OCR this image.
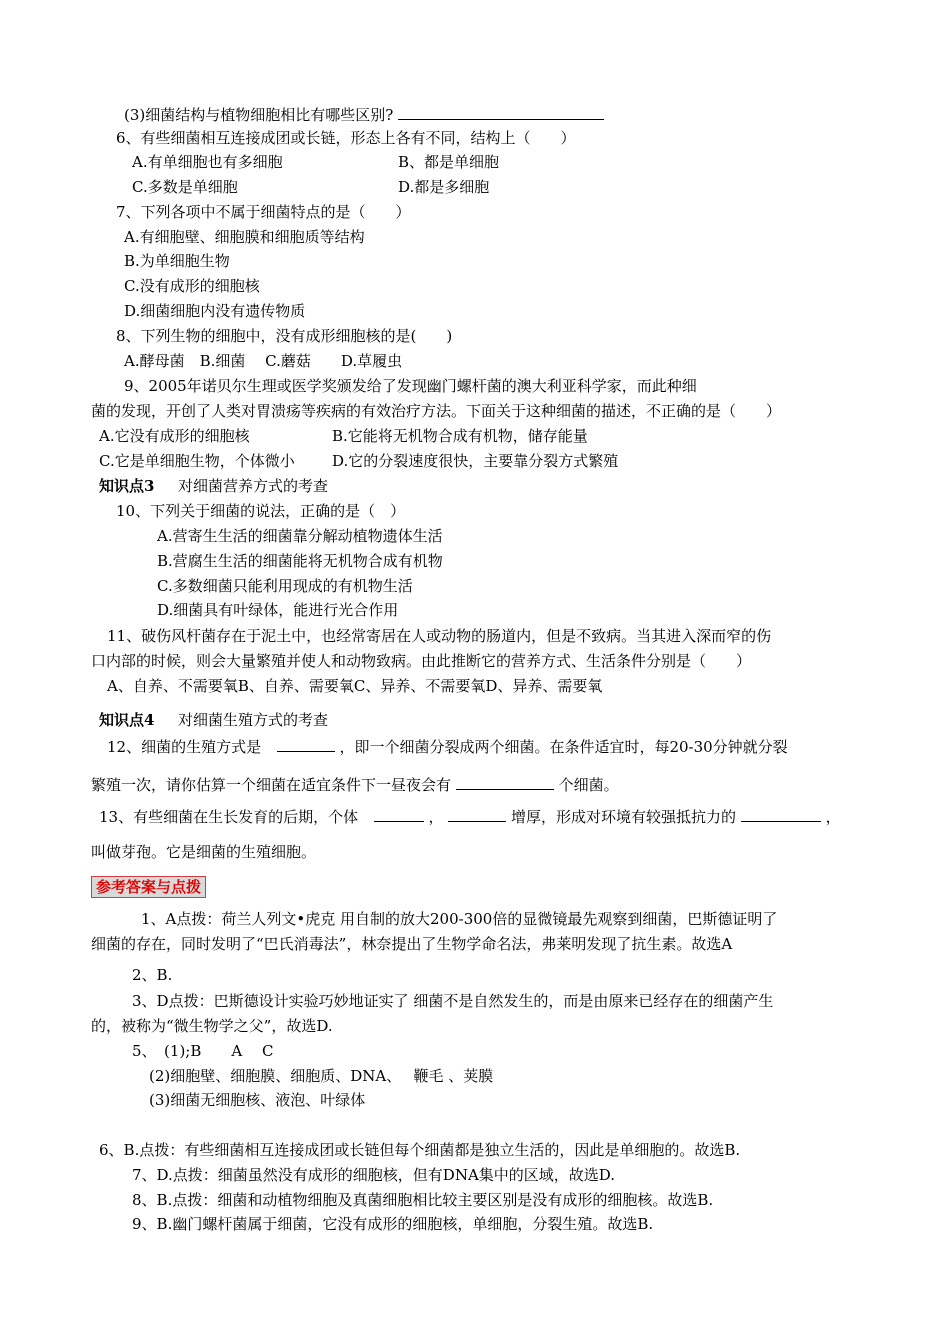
(3)细菌结构与植物细胞相比有哪些区别?
6、有些细菌相互连接成团或长链，形态上各有不同，结构上（　　）
A.有单细胞也有多细胞	B、都是单细胞
C.多数是单细胞	D.都是多细胞
7、下列各项中不属于细菌特点的是（　　）
A.有细胞壁、细胞膜和细胞质等结构
B.为单细胞生物
C.没有成形的细胞核
D.细菌细胞内没有遗传物质
8、下列生物的细胞中，没有成形细胞核的是(　　)
A.酵母菌　B.细菌　 C.蘑菇　　D.草履虫
9、2005年诺贝尔生理或医学奖颁发给了发现幽门螺杆菌的澳大利亚科学家，而此种细
菌的发现，开创了人类对胃溃疡等疾病的有效治疗方法。下面关于这种细菌的描述，不正确的是（　　）
A.它没有成形的细胞核	B.它能将无机物合成有机物，储存能量
C.它是单细胞生物，个体微小 D.它的分裂速度很快，主要靠分裂方式繁殖
知识点3 对细菌营养方式的考查
10、下列关于细菌的说法，正确的是（　）
A.营寄生生活的细菌靠分解动植物遗体生活
B.营腐生生活的细菌能将无机物合成有机物
C.多数细菌只能利用现成的有机物生活
D.细菌具有叶绿体，能进行光合作用
11、破伤风杆菌存在于泥土中，也经常寄居在人或动物的肠道内，但是不致病。当其进入深而窄的伤
口内部的时候，则会大量繁殖并使人和动物致病。由此推断它的营养方式、生活条件分别是（　　）
A、自养、不需要氧B、自养、需要氧C、异养、不需要氧D、异养、需要氧
知识点4 对细菌生殖方式的考查
12、细菌的生殖方式是	，即一个细菌分裂成两个细菌。在条件适宜时，每20-30分钟就分裂
繁殖一次，请你估算一个细菌在适宜条件下一昼夜会有	个细菌。
13、有些细菌在生长发育的后期，个体	，	增厚，形成对环境有较强抵抗力的	，
叫做芽孢。它是细菌的生殖细胞。
参考答案与点拨
1、A点拨：荷兰人列文•虎克 用自制的放大200-300倍的显微镜最先观察到细菌，巴斯德证明了
细菌的存在，同时发明了“巴氏消毒法”，林奈提出了生物学命名法，弗莱明发现了抗生素。故选A
2、B.
3、D点拨：巴斯德设计实验巧妙地证实了 细菌不是自然发生的，而是由原来已经存在的细菌产生
的，被称为“微生物学之父”，故选D.
5、　(1);B　　A　 C
(2)细胞壁、细胞膜、细胞质、DNA、　 鞭毛 、荚膜
(3)细菌无细胞核、液泡、叶绿体
6、B.点拨：有些细菌相互连接成团或长链但每个细菌都是独立生活的，因此是单细胞的。故选B.
7、D.点拨：细菌虽然没有成形的细胞核，但有DNA集中的区域，故选D.
8、B.点拨：细菌和动植物细胞及真菌细胞相比较主要区别是没有成形的细胞核。故选B.
9、B.幽门螺杆菌属于细菌，它没有成形的细胞核，单细胞，分裂生殖。故选B.
